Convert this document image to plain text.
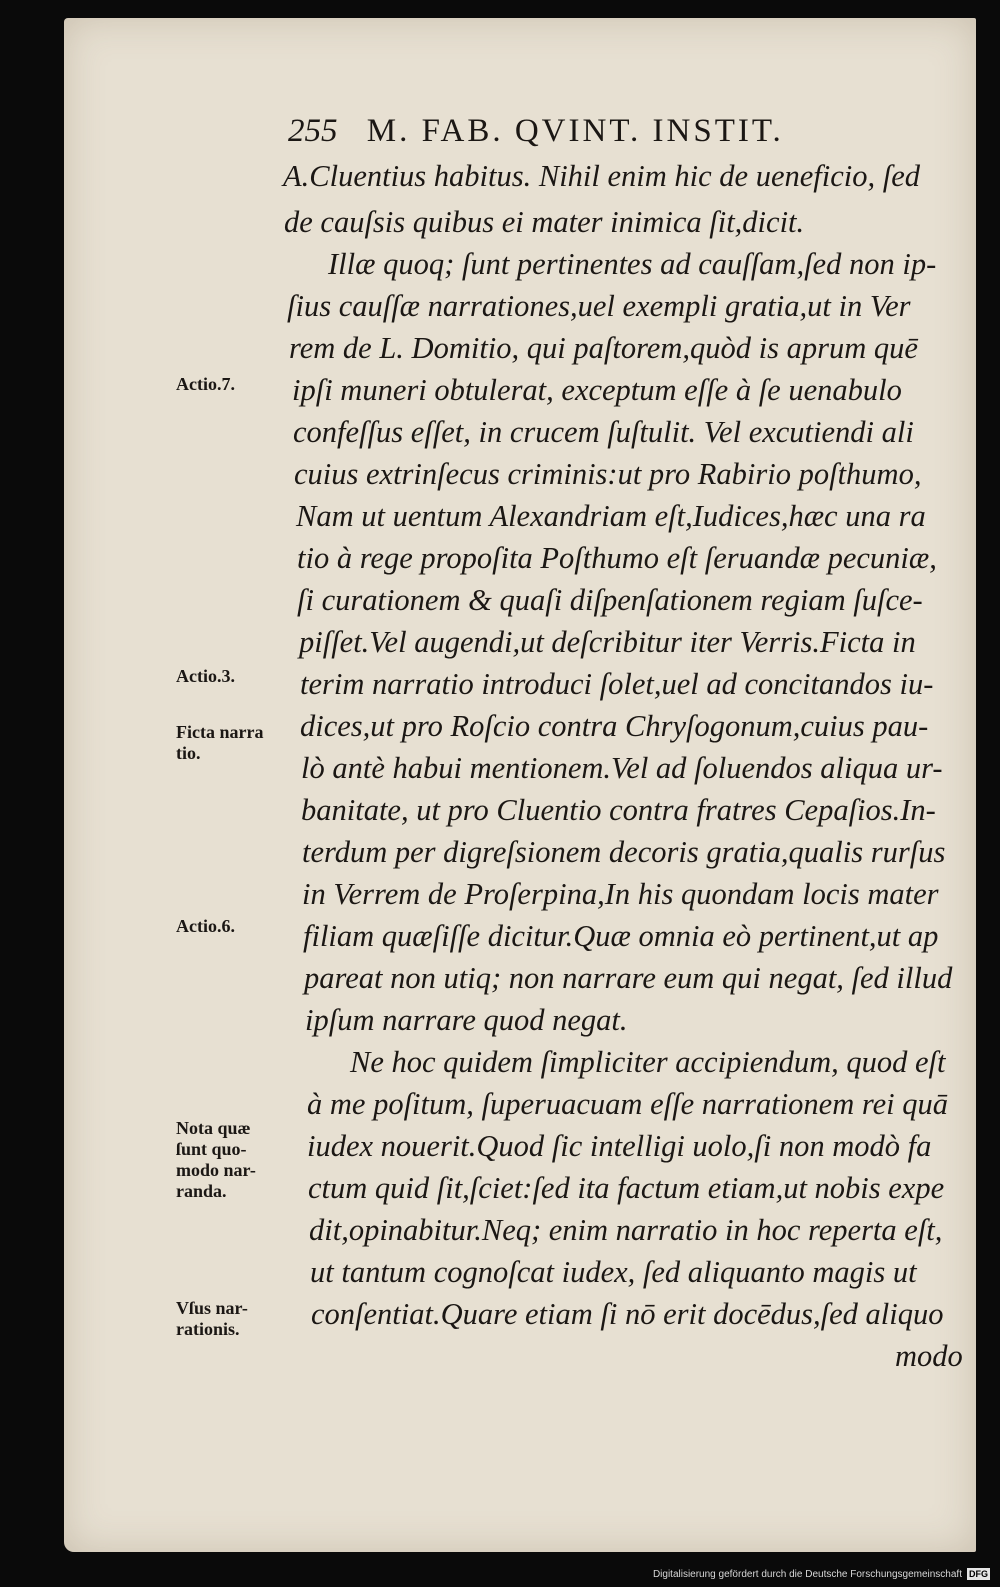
255 M. FAB. QVINT. INSTIT.
A.Cluentius habitus. Nihil enim hic de ueneficio, ſed
de cauſsis quibus ei mater inimica ſit,dicit.
Illæ quoq; ſunt pertinentes ad cauſſam,ſed non ip-
ſius cauſſæ narrationes,uel exempli gratia,ut in Ver
rem de L. Domitio, qui paſtorem,quòd is aprum quē
ipſi muneri obtulerat, exceptum eſſe à ſe uenabulo
confeſſus eſſet, in crucem ſuſtulit. Vel excutiendi ali
cuius extrinſecus criminis:ut pro Rabirio poſthumo,
Nam ut uentum Alexandriam eſt,Iudices,hæc una ra
tio à rege propoſita Poſthumo eſt ſeruandæ pecuniæ,
ſi curationem & quaſi diſpenſationem regiam ſuſce-
piſſet.Vel augendi,ut deſcribitur iter Verris.Ficta in
terim narratio introduci ſolet,uel ad concitandos iu-
dices,ut pro Roſcio contra Chryſogonum,cuius pau-
lò antè habui mentionem.Vel ad ſoluendos aliqua ur-
banitate, ut pro Cluentio contra fratres Cepaſios.In-
terdum per digreſsionem decoris gratia,qualis rurſus
in Verrem de Proſerpina,In his quondam locis mater
filiam quæſiſſe dicitur.Quæ omnia eò pertinent,ut ap
pareat non utiq; non narrare eum qui negat, ſed illud
ipſum narrare quod negat.
Ne hoc quidem ſimpliciter accipiendum, quod eſt
à me poſitum, ſuperuacuam eſſe narrationem rei quā
iudex nouerit.Quod ſic intelligi uolo,ſi non modò fa
ctum quid ſit,ſciet:ſed ita factum etiam,ut nobis expe
dit,opinabitur.Neq; enim narratio in hoc reperta eſt,
ut tantum cognoſcat iudex, ſed aliquanto magis ut
conſentiat.Quare etiam ſi nō erit docēdus,ſed aliquo
modo
Actio.7.
Actio.3.
Ficta narra
tio.
Actio.6.
Nota quæ
ſunt quo-
modo nar-
randa.
Vſus nar-
rationis.
Digitalisierung gefördert durch die Deutsche Forschungsgemeinschaft DFG
